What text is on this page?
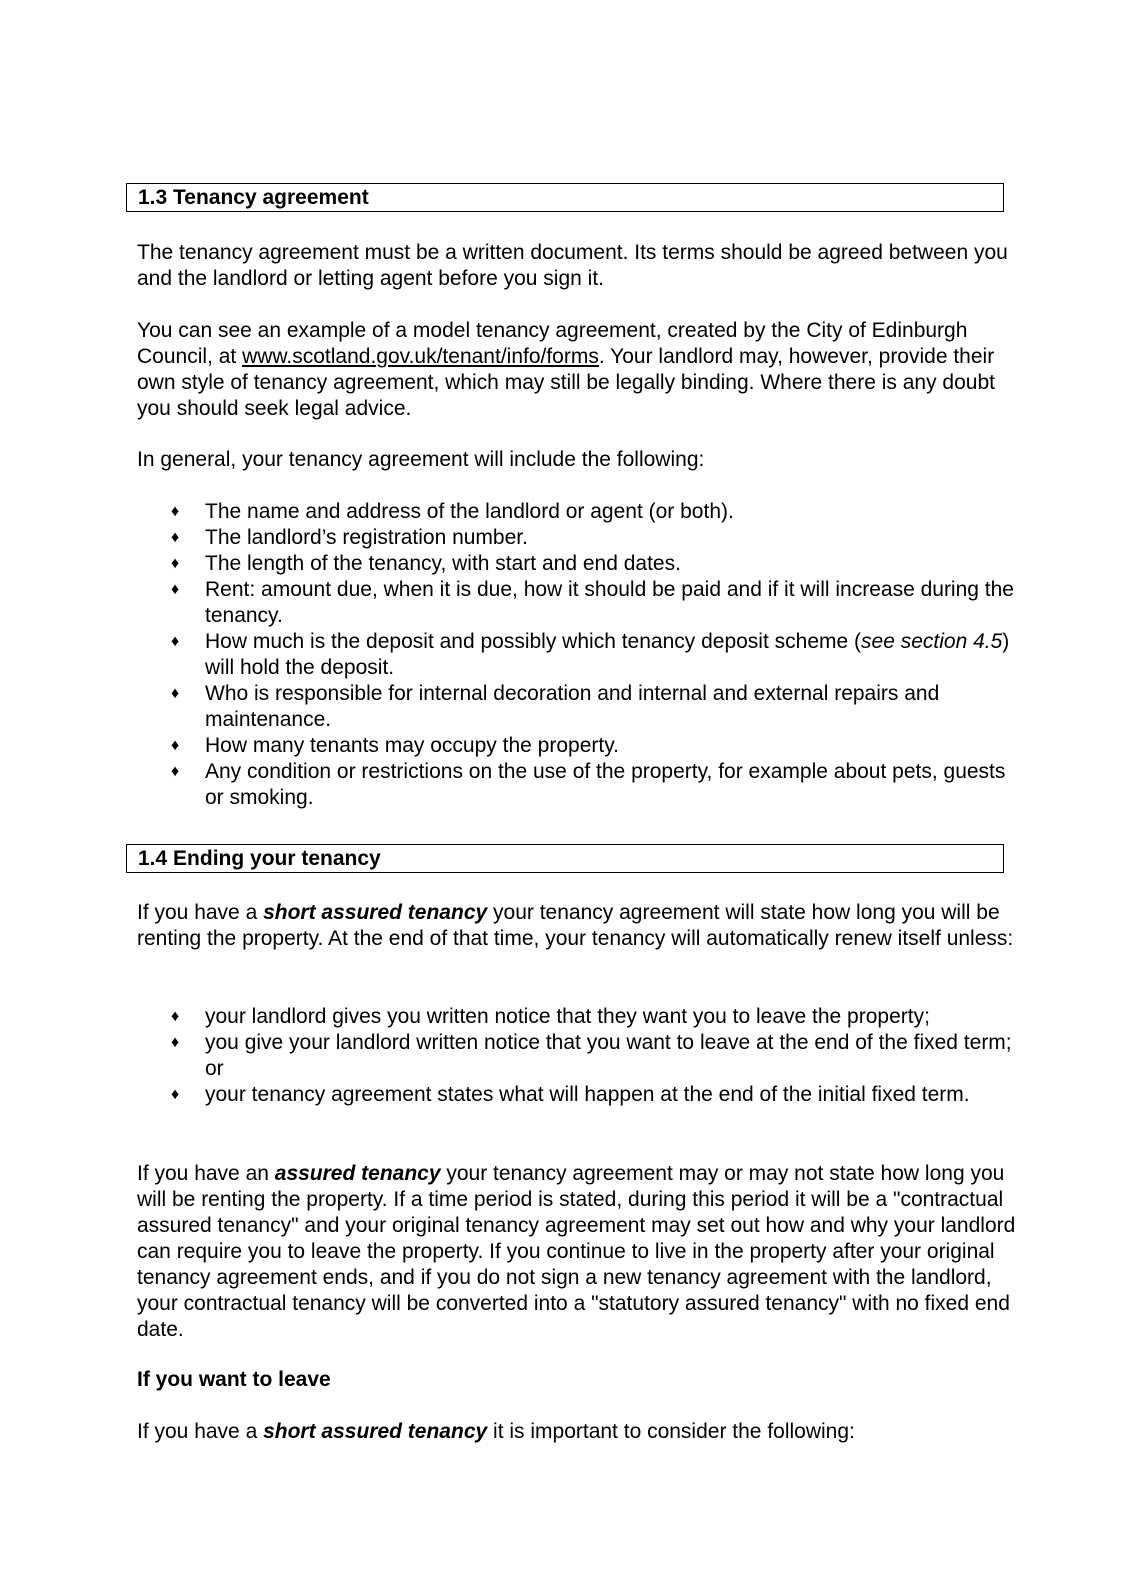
1.3 Tenancy agreement

The tenancy agreement must be a written document. Its terms should be agreed between you and the landlord or letting agent before you sign it.

You can see an example of a model tenancy agreement, created by the City of Edinburgh Council, at www.scotland.gov.uk/tenant/info/forms. Your landlord may, however, provide their own style of tenancy agreement, which may still be legally binding. Where there is any doubt you should seek legal advice.

In general, your tenancy agreement will include the following:

♦ The name and address of the landlord or agent (or both).
♦ The landlord’s registration number.
♦ The length of the tenancy, with start and end dates.
♦ Rent: amount due, when it is due, how it should be paid and if it will increase during the tenancy.
♦ How much is the deposit and possibly which tenancy deposit scheme (see section 4.5) will hold the deposit.
♦ Who is responsible for internal decoration and internal and external repairs and maintenance.
♦ How many tenants may occupy the property.
♦ Any condition or restrictions on the use of the property, for example about pets, guests or smoking.
1.4 Ending your tenancy

If you have a short assured tenancy your tenancy agreement will state how long you will be renting the property. At the end of that time, your tenancy will automatically renew itself unless:

♦ your landlord gives you written notice that they want you to leave the property;
♦ you give your landlord written notice that you want to leave at the end of the fixed term; or
♦ your tenancy agreement states what will happen at the end of the initial fixed term.

If you have an assured tenancy your tenancy agreement may or may not state how long you will be renting the property. If a time period is stated, during this period it will be a "contractual assured tenancy" and your original tenancy agreement may set out how and why your landlord can require you to leave the property. If you continue to live in the property after your original tenancy agreement ends, and if you do not sign a new tenancy agreement with the landlord, your contractual tenancy will be converted into a "statutory assured tenancy" with no fixed end date.

If you want to leave

If you have a short assured tenancy it is important to consider the following:
